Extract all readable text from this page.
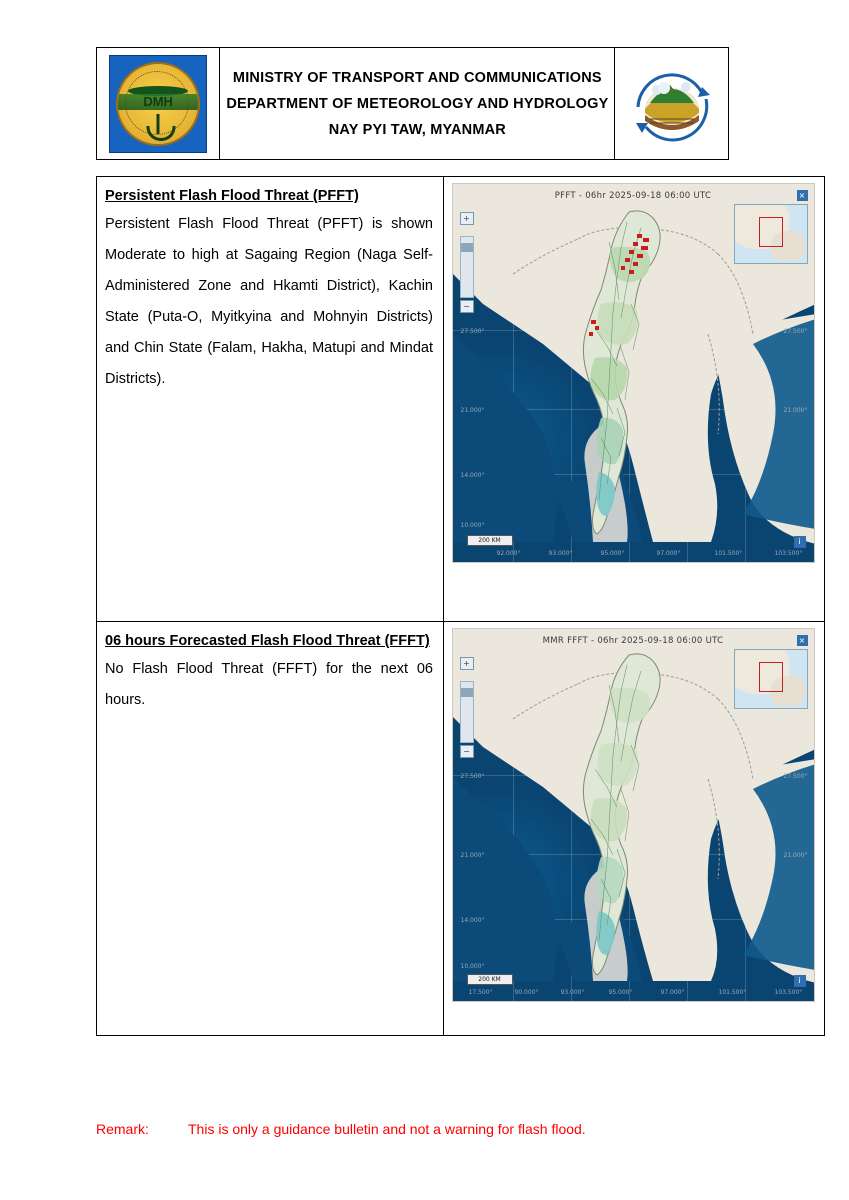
DMH
MINISTRY OF TRANSPORT AND COMMUNICATIONS
DEPARTMENT OF METEOROLOGY AND HYDROLOGY
NAY PYI TAW, MYANMAR
Persistent Flash Flood Threat (PFFT)
Persistent Flash Flood Threat (PFFT) is shown Moderate to high at Sagaing Region (Naga Self-Administered Zone and Hkamti District), Kachin State (Puta-O, Myitkyina and Mohnyin Districts) and Chin State (Falam, Hakha, Matupi and Mindat Districts).
PFFT - 06hr 2025-09-18 06:00 UTC	×
+
−
200 KM	i
27.500°
21.000°
14.000°
10.000°
27.500°
21.000°
92.000°	93.000°	95.000°	97.000°	101.500°	103.500°
06 hours Forecasted Flash Flood Threat (FFFT)
No Flash Flood Threat (FFFT) for the next 06 hours.
MMR FFFT - 06hr 2025-09-18 06:00 UTC	×
+
−
200 KM	i
27.500°
21.000°
14.000°
10.000°
27.500°
21.000°
17.500°	90.000°	93.000°	95.000°	97.000°	101.500°	103.500°
Remark:	This is only a guidance bulletin and not a warning for flash flood.
